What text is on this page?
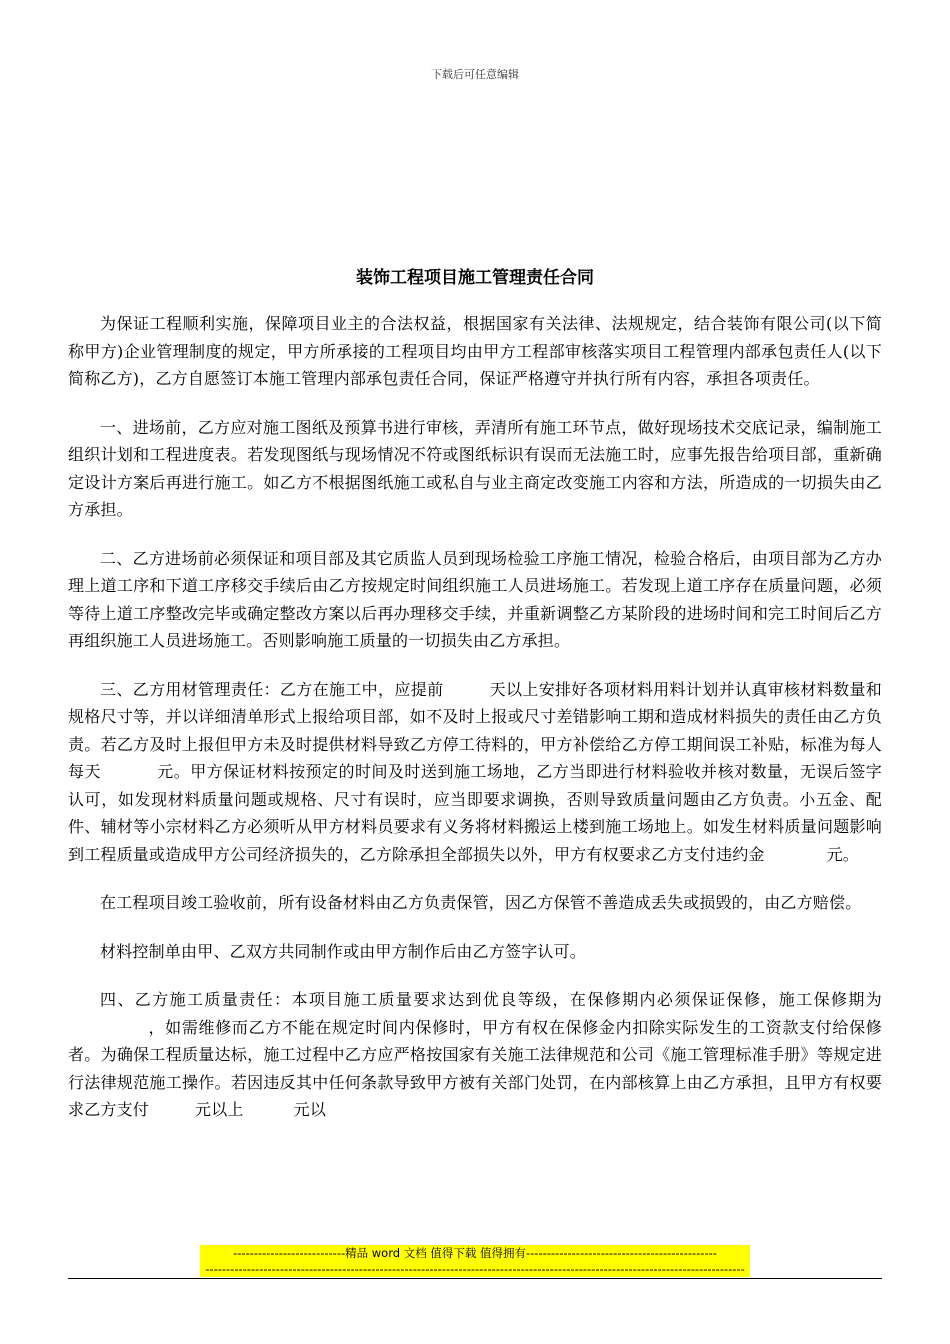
下载后可任意编辑
装饰工程项目施工管理责任合同

为保证工程顺利实施，保障项目业主的合法权益，根据国家有关法律、法规规定，结合装饰有限公司(以下简称甲方)企业管理制度的规定，甲方所承接的工程项目均由甲方工程部审核落实项目工程管理内部承包责任人(以下简称乙方)，乙方自愿签订本施工管理内部承包责任合同，保证严格遵守并执行所有内容，承担各项责任。

一、进场前，乙方应对施工图纸及预算书进行审核，弄清所有施工环节点，做好现场技术交底记录，编制施工组织计划和工程进度表。若发现图纸与现场情况不符或图纸标识有误而无法施工时，应事先报告给项目部，重新确定设计方案后再进行施工。如乙方不根据图纸施工或私自与业主商定改变施工内容和方法，所造成的一切损失由乙方承担。

二、乙方进场前必须保证和项目部及其它质监人员到现场检验工序施工情况，检验合格后，由项目部为乙方办理上道工序和下道工序移交手续后由乙方按规定时间组织施工人员进场施工。若发现上道工序存在质量问题，必须等待上道工序整改完毕或确定整改方案以后再办理移交手续，并重新调整乙方某阶段的进场时间和完工时间后乙方再组织施工人员进场施工。否则影响施工质量的一切损失由乙方承担。

三、乙方用材管理责任：乙方在施工中，应提前	天以上安排好各项材料用料计划并认真审核材料数量和规格尺寸等，并以详细清单形式上报给项目部，如不及时上报或尺寸差错影响工期和造成材料损失的责任由乙方负责。若乙方及时上报但甲方未及时提供材料导致乙方停工待料的，甲方补偿给乙方停工期间误工补贴，标准为每人每天	元。甲方保证材料按预定的时间及时送到施工场地，乙方当即进行材料验收并核对数量，无误后签字认可，如发现材料质量问题或规格、尺寸有误时，应当即要求调换，否则导致质量问题由乙方负责。小五金、配件、辅材等小宗材料乙方必须听从甲方材料员要求有义务将材料搬运上楼到施工场地上。如发生材料质量问题影响到工程质量或造成甲方公司经济损失的，乙方除承担全部损失以外，甲方有权要求乙方支付违约金	元。

在工程项目竣工验收前，所有设备材料由乙方负责保管，因乙方保管不善造成丢失或损毁的，由乙方赔偿。

材料控制单由甲、乙双方共同制作或由甲方制作后由乙方签字认可。

四、乙方施工质量责任：本项目施工质量要求达到优良等级，在保修期内必须保证保修，施工保修期为，如需维修而乙方不能在规定时间内保修时，甲方有权在保修金内扣除实际发生的工资款支付给保修者。为确保工程质量达标，施工过程中乙方应严格按国家有关施工法律规范和公司《施工管理标准手册》等规定进行法律规范施工操作。若因违反其中任何条款导致甲方被有关部门处罚，在内部核算上由乙方承担，且甲方有权要求乙方支付	元以上	元以

---------------------------精品 word 文档 值得下载 值得拥有----------------------------------------------
----------------------------------------------------------------------------------------------------------------------------------
